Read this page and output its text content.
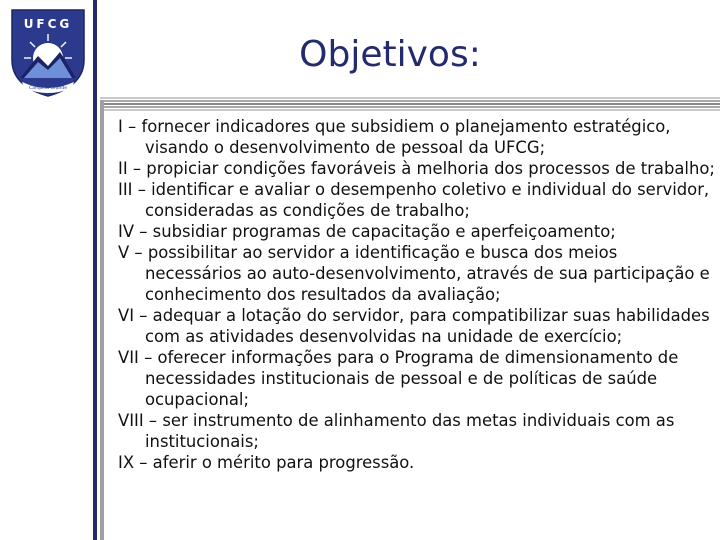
UFCG
Campina Grande
Objetivos:
I – fornecer indicadores que subsidiem o planejamento estratégico, visando o desenvolvimento de pessoal da UFCG;
II – propiciar condições favoráveis à melhoria dos processos de trabalho;
III – identificar e avaliar o desempenho coletivo e individual do servidor, consideradas as condições de trabalho;
IV – subsidiar programas de capacitação e aperfeiçoamento;
V – possibilitar ao servidor a identificação e busca dos meios necessários ao auto-desenvolvimento, através de sua participação e conhecimento dos resultados da avaliação;
VI – adequar a lotação do servidor, para compatibilizar suas habilidades com as atividades desenvolvidas na unidade de exercício;
VII – oferecer informações para o Programa de dimensionamento de necessidades institucionais de pessoal e de políticas de saúde ocupacional;
VIII – ser instrumento de alinhamento das metas individuais com as institucionais;
IX – aferir o mérito para progressão.
